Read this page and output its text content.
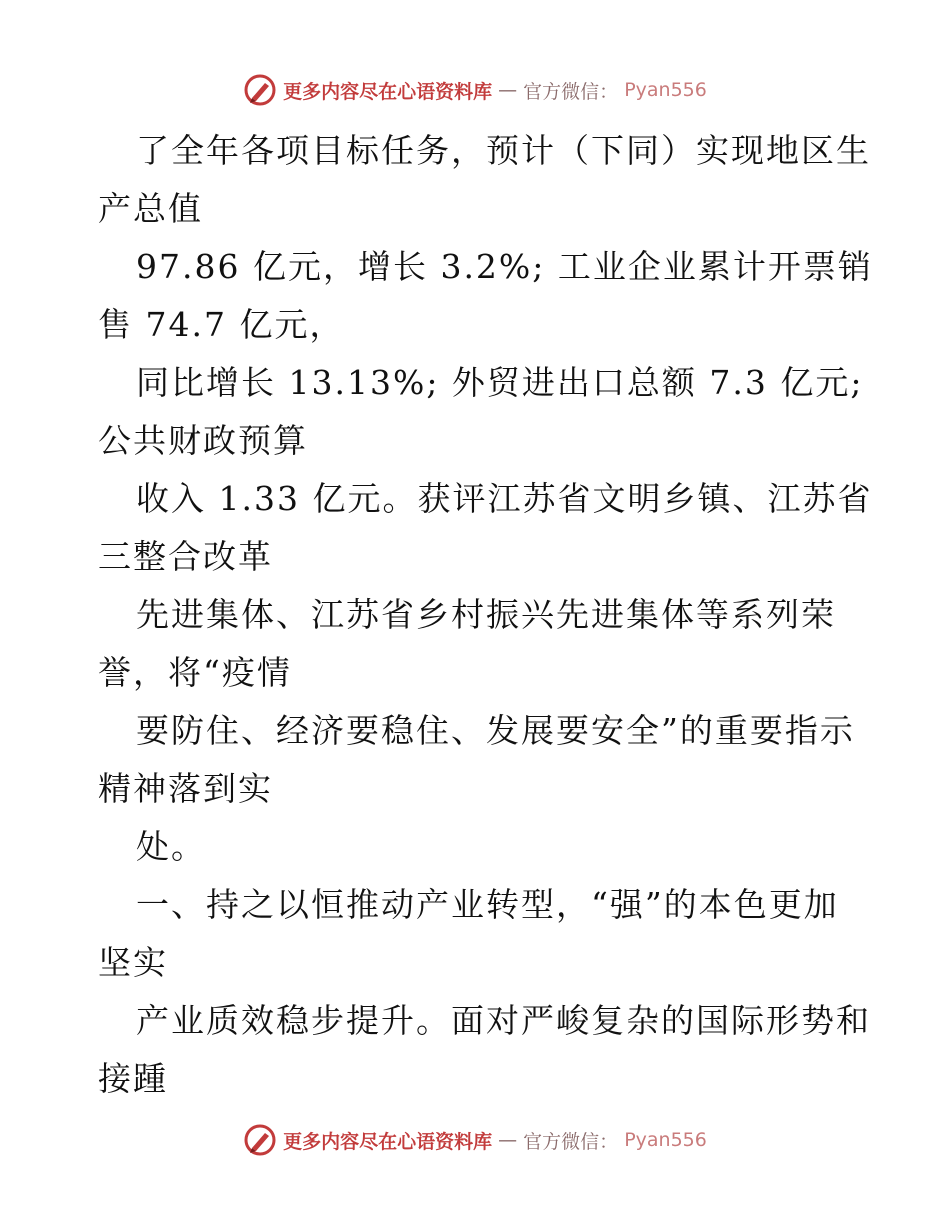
更多内容尽在心语资料库 — 官方微信： Pyan556
了全年各项目标任务，预计（下同）实现地区生
产总值
97.86 亿元，增长 3.2%; 工业企业累计开票销
售 74.7 亿元，
同比增长 13.13%; 外贸进出口总额 7.3 亿元;
公共财政预算
收入 1.33 亿元。获评江苏省文明乡镇、江苏省
三整合改革
先进集体、江苏省乡村振兴先进集体等系列荣
誉，将“疫情
要防住、经济要稳住、发展要安全”的重要指示
精神落到实
处。
一、持之以恒推动产业转型，“强”的本色更加
坚实
产业质效稳步提升。面对严峻复杂的国际形势和
接踵
更多内容尽在心语资料库 — 官方微信： Pyan556
